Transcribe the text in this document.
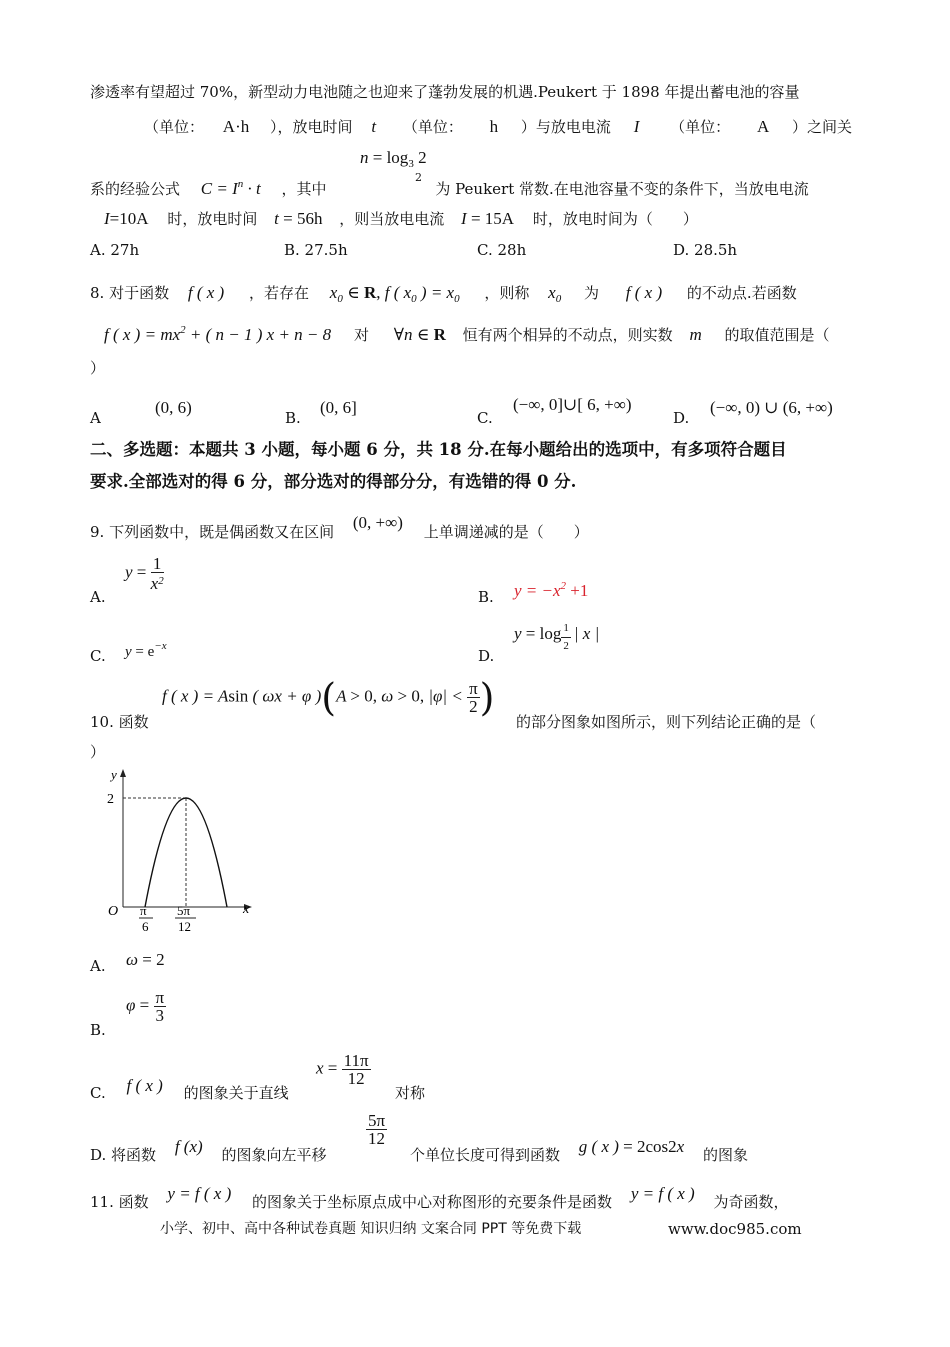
渗透率有望超过 70%，新型动力电池随之也迎来了蓬勃发展的机遇.Peukert 于 1898 年提出蓄电池的容量
（单位： A·h ），放电时间 t （单位： h ）与放电电流 I （单位： A ）之间关
$n = \log_3 2$
2
系的经验公式 $C = I^n \cdot t$ ，其中	为 Peukert 常数.在电池容量不变的条件下，当放电电流
I=10A 时，放电时间 t = 56h ，则当放电电流 I = 15A 时，放电时间为（　　）
A. 27h	B. 27.5h	C. 28h	D. 28.5h
8. 对于函数 f ( x ) ，若存在 $x_0$ ∈ R, f ( $x_0$ ) = $x_0$ ，则称 $x_0$ 为 f ( x ) 的不动点.若函数
f ( x ) = $mx^2$ + ( n − 1 ) x + n − 8 对 ∀n ∈ R 恒有两个相异的不动点，则实数 m 的取值范围是（
）
A
(0, 6)
B.
(0, 6]
C.
(−∞, 0]∪[ 6, +∞)
D.
(−∞, 0) ∪ (6, +∞)
二、多选题：本题共 3 小题，每小题 6 分，共 18 分.在每小题给出的选项中，有多项符合题目
要求.全部选对的得 6 分，部分选对的得部分分，有选错的得 0 分.
9. 下列函数中，既是偶函数又在区间 (0, +∞) 上单调递减的是（　　）
A.
$y = \frac{1}{x^2}$
B. $y = -x^2 +1$
C. $y = e^{-x}$
D.
$y = \log \frac{1}{2}$ | x |
10. 函数
f ( x ) = Asin ( ωx + φ )(A > 0, ω > 0, $|\varphi| < \frac{\pi}{2}$ )
的部分图象如图所示，则下列结论正确的是（
）
y
x
2
O π
6
5π
12
A. ω = 2
B.
$\varphi = \frac{\pi}{3}$
C. f ( x ) 的图象关于直线
$x = \frac{11\pi}{12}$
对称
D. 将函数 f (x) 的图象向左平移
$\frac{5\pi}{12}$
个单位长度可得到函数 g ( x ) = 2cos2x 的图象
11. 函数 y = f ( x ) 的图象关于坐标原点成中心对称图形的充要条件是函数 y = f ( x ) 为奇函数，
小学、初中、高中各种试卷真题 知识归纳 文案合同 PPT 等免费下载	www.doc985.com
